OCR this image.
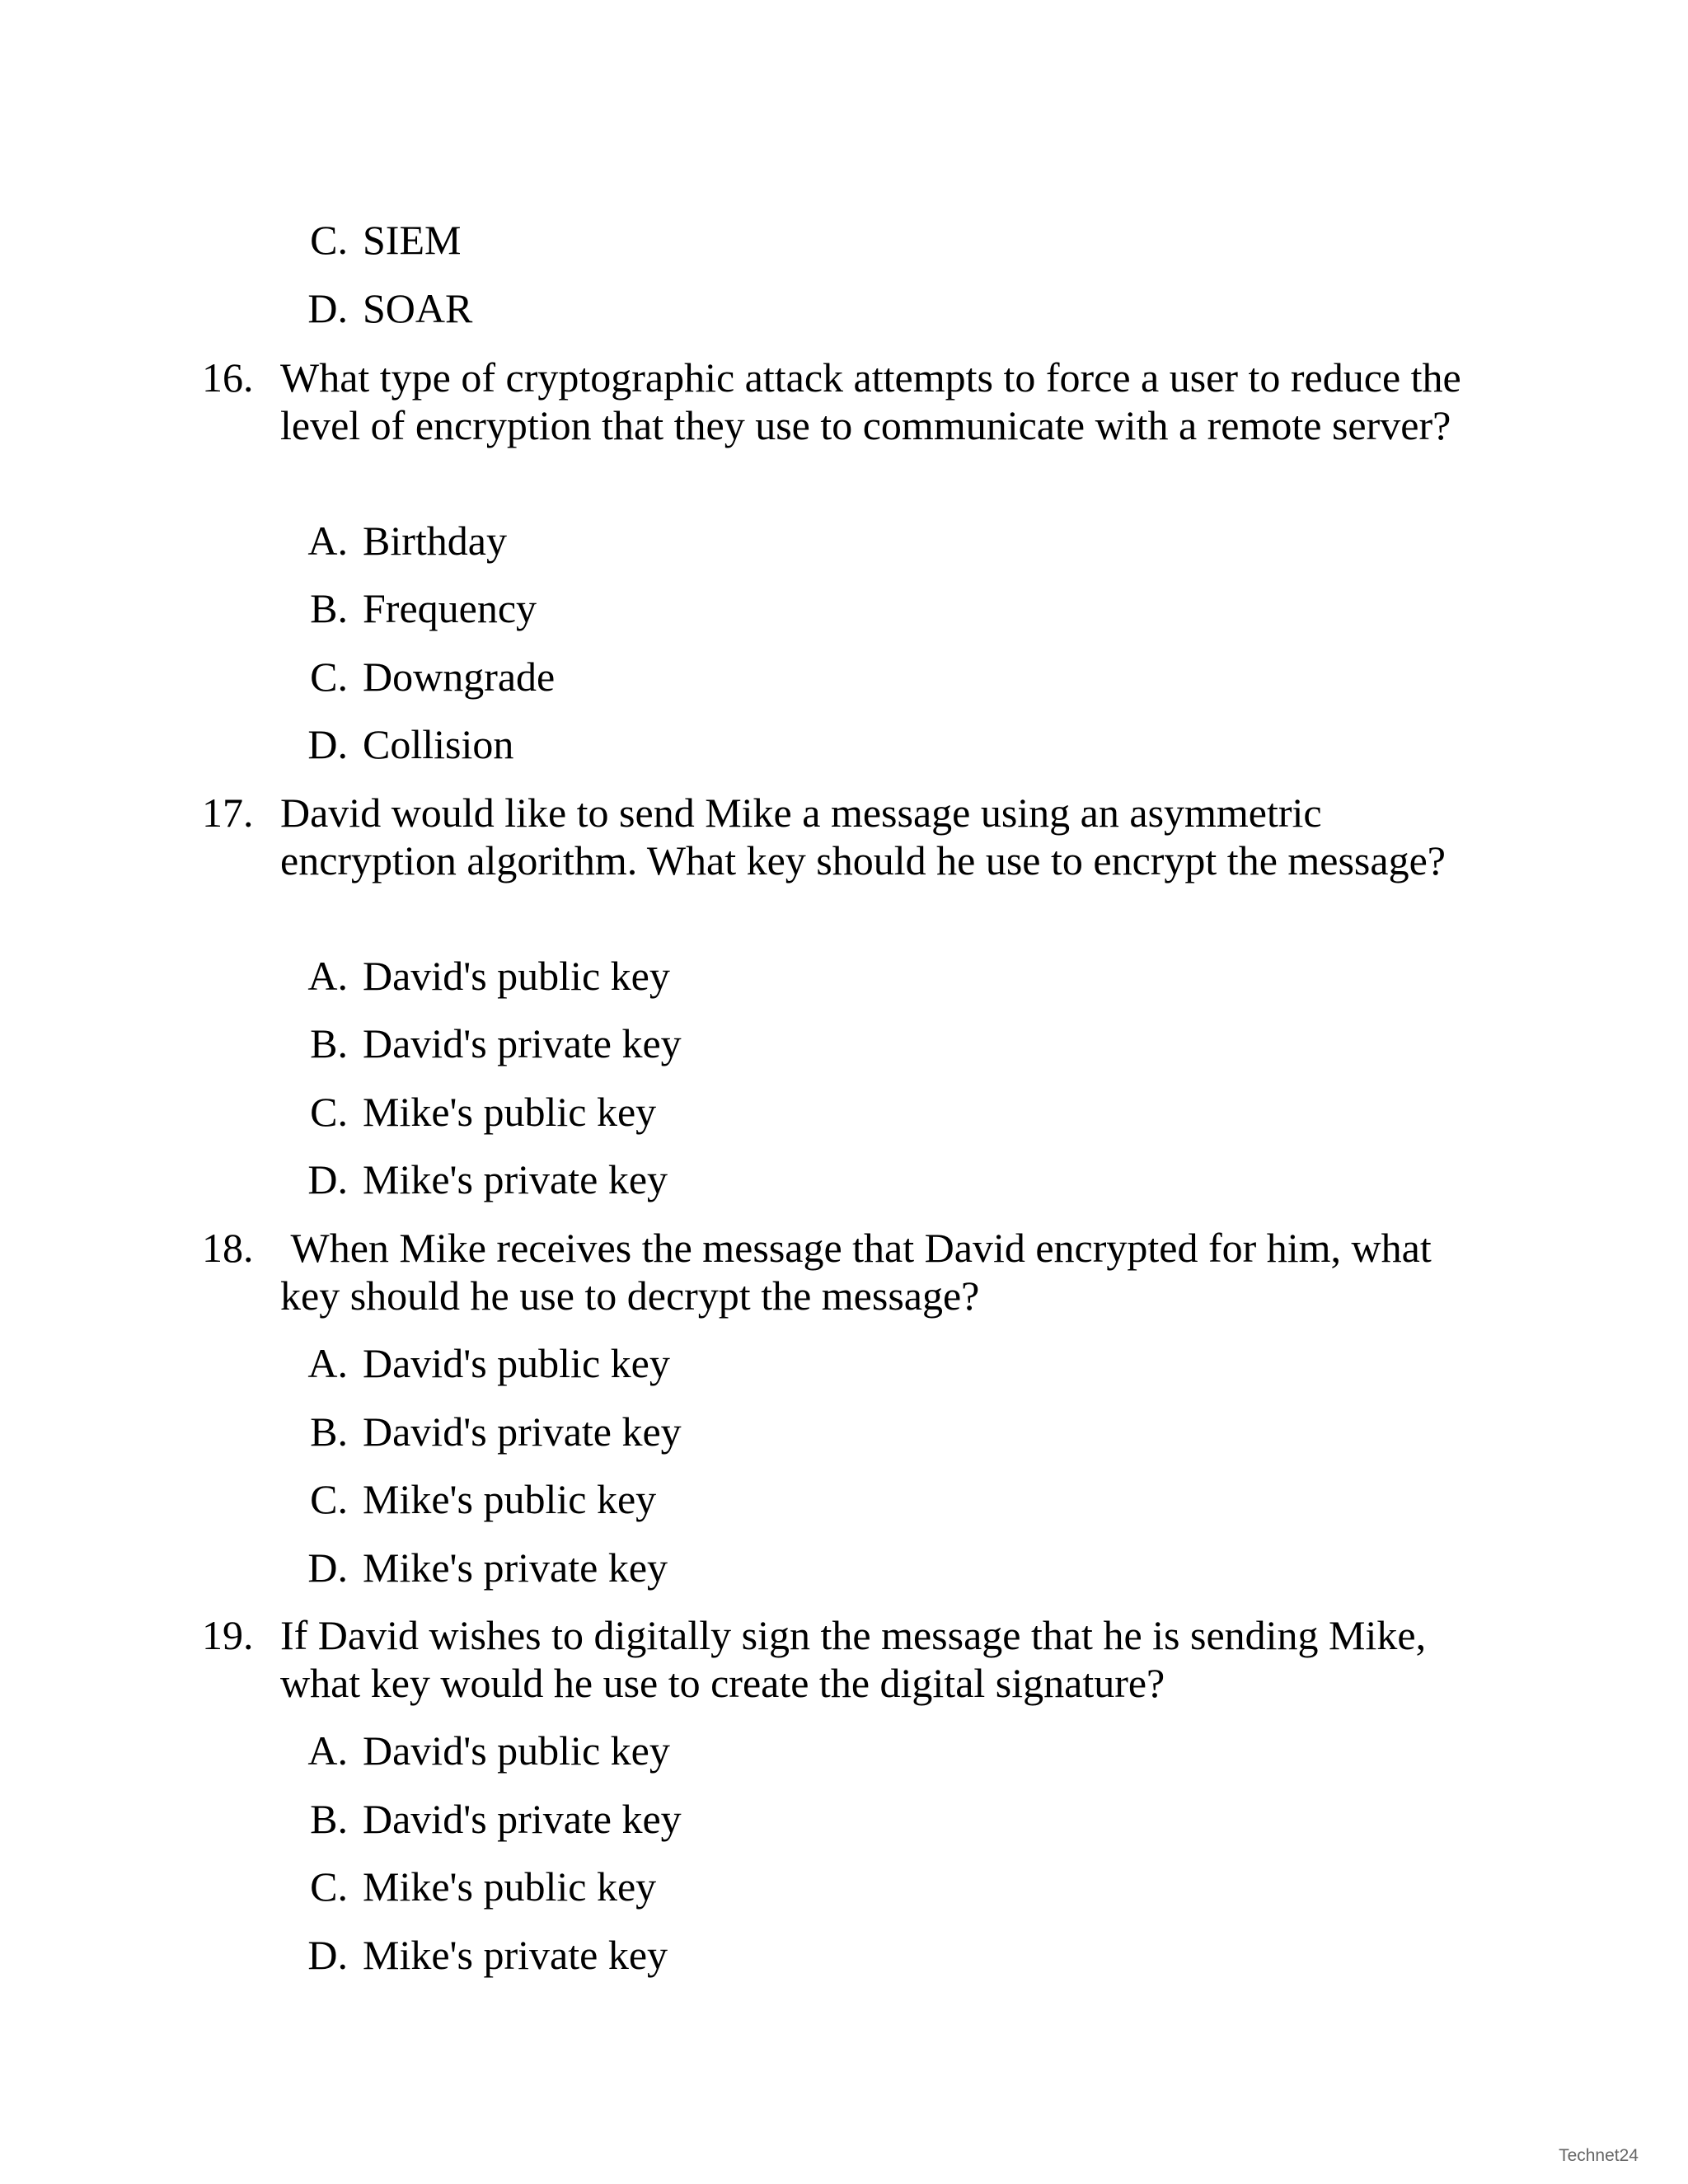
C. SIEM
D. SOAR
16. What type of cryptographic attack attempts to force a user to reduce the level of encryption that they use to communicate with a remote server?
A. Birthday
B. Frequency
C. Downgrade
D. Collision
17. David would like to send Mike a message using an asymmetric encryption algorithm. What key should he use to encrypt the message?
A. David's public key
B. David's private key
C. Mike's public key
D. Mike's private key
18. When Mike receives the message that David encrypted for him, what key should he use to decrypt the message?
A. David's public key
B. David's private key
C. Mike's public key
D. Mike's private key
19. If David wishes to digitally sign the message that he is sending Mike, what key would he use to create the digital signature?
A. David's public key
B. David's private key
C. Mike's public key
D. Mike's private key
Technet24
